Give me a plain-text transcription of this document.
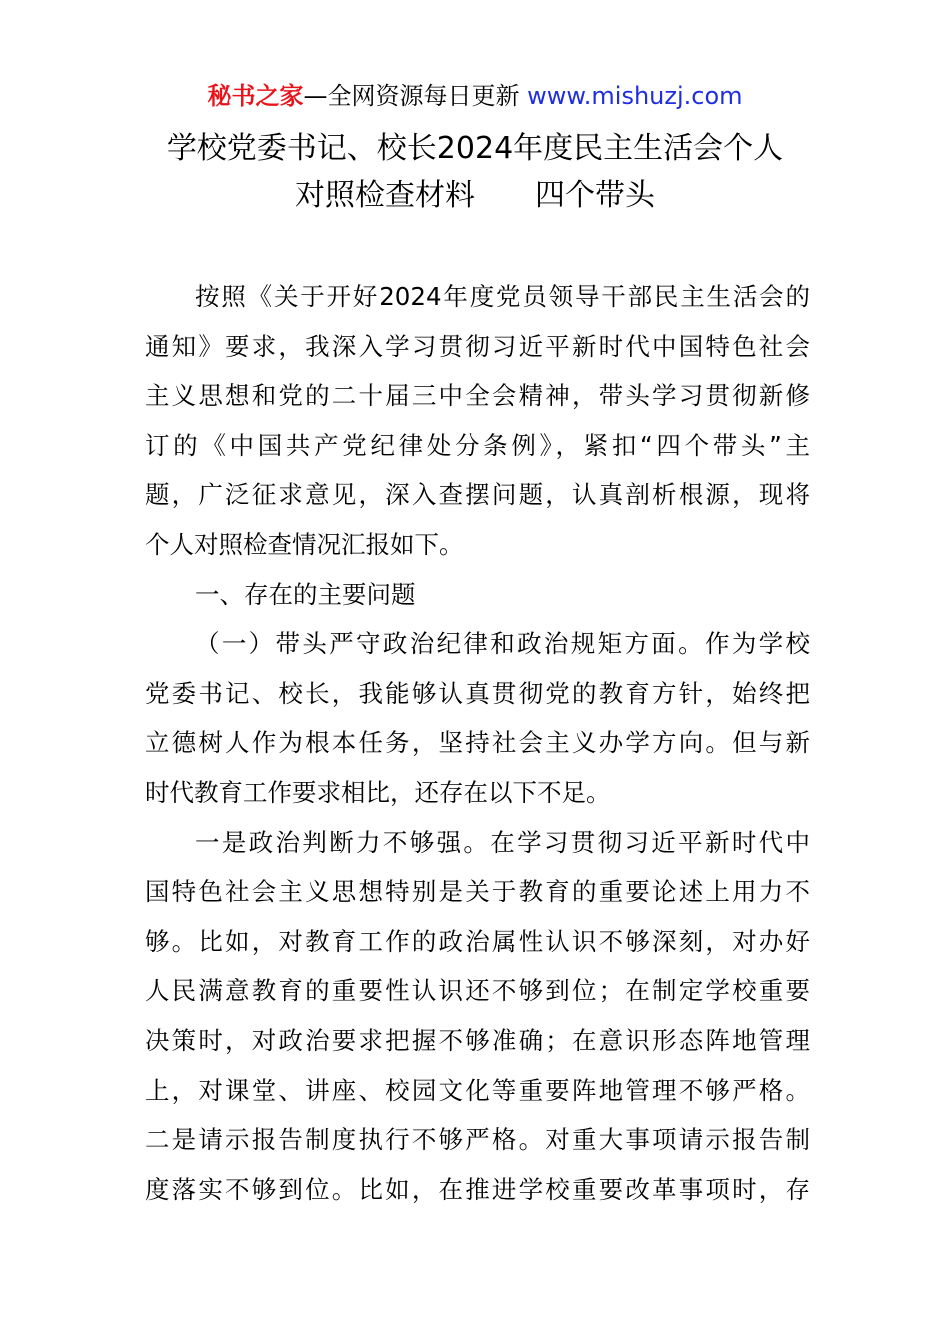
秘书之家—全网资源每日更新 www.mishuzj.com
学校党委书记、校长2024年度民主生活会个人
对照检查材料　　四个带头
按照《关于开好2024年度党员领导干部民主生活会的
通知》要求，我深入学习贯彻习近平新时代中国特色社会
主义思想和党的二十届三中全会精神，带头学习贯彻新修
订的《中国共产党纪律处分条例》，紧扣“四个带头”主
题，广泛征求意见，深入查摆问题，认真剖析根源，现将
个人对照检查情况汇报如下。
一、存在的主要问题
（一）带头严守政治纪律和政治规矩方面。作为学校
党委书记、校长，我能够认真贯彻党的教育方针，始终把
立德树人作为根本任务，坚持社会主义办学方向。但与新
时代教育工作要求相比，还存在以下不足。
一是政治判断力不够强。在学习贯彻习近平新时代中
国特色社会主义思想特别是关于教育的重要论述上用力不
够。比如，对教育工作的政治属性认识不够深刻，对办好
人民满意教育的重要性认识还不够到位；在制定学校重要
决策时，对政治要求把握不够准确；在意识形态阵地管理
上，对课堂、讲座、校园文化等重要阵地管理不够严格。
二是请示报告制度执行不够严格。对重大事项请示报告制
度落实不够到位。比如，在推进学校重要改革事项时，存
